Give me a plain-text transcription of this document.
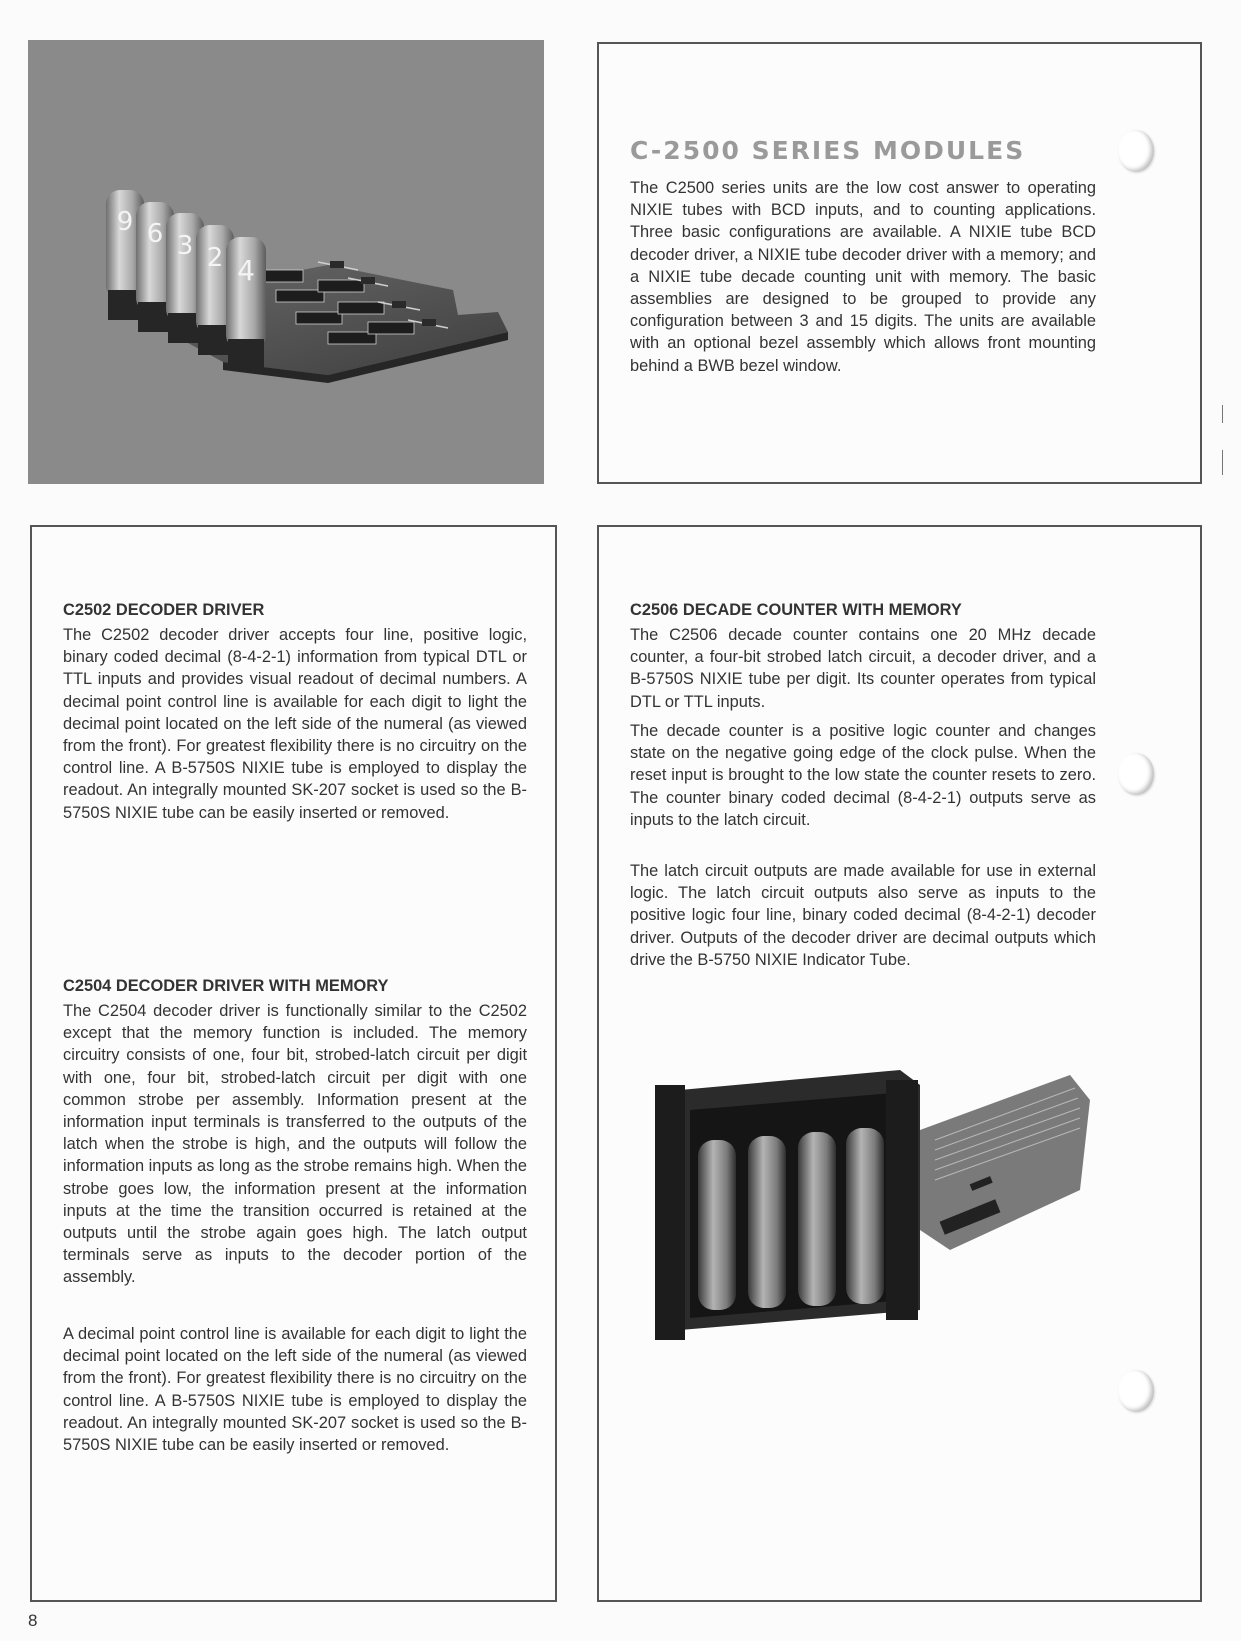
9 6 3 2 4
C-2500 SERIES MODULES

The C2500 series units are the low cost answer to operating NIXIE tubes with BCD inputs, and to counting applications. Three basic configurations are available. A NIXIE tube BCD decoder driver, a NIXIE tube decoder driver with a memory; and a NIXIE tube decade counting unit with memory. The basic assemblies are designed to be grouped to provide any configuration between 3 and 15 digits. The units are available with an optional bezel assembly which allows front mounting behind a BWB bezel window.

C2502 DECODER DRIVER

The C2502 decoder driver accepts four line, positive logic, binary coded decimal (8-4-2-1) information from typical DTL or TTL inputs and provides visual readout of decimal numbers. A decimal point control line is available for each digit to light the decimal point located on the left side of the numeral (as viewed from the front). For greatest flexibility there is no circuitry on the control line. A B-5750S NIXIE tube is employed to display the readout. An integrally mounted SK-207 socket is used so the B-5750S NIXIE tube can be easily inserted or removed.

C2504 DECODER DRIVER WITH MEMORY

The C2504 decoder driver is functionally similar to the C2502 except that the memory function is included. The memory circuitry consists of one, four bit, strobed-latch circuit per digit with one, four bit, strobed-latch circuit per digit with one common strobe per assembly. Information present at the information input terminals is transferred to the outputs of the latch when the strobe is high, and the outputs will follow the information inputs as long as the strobe remains high. When the strobe goes low, the information present at the information inputs at the time the transition occurred is retained at the outputs until the strobe again goes high. The latch output terminals serve as inputs to the decoder portion of the assembly.

A decimal point control line is available for each digit to light the decimal point located on the left side of the numeral (as viewed from the front). For greatest flexibility there is no circuitry on the control line. A B-5750S NIXIE tube is employed to display the readout. An integrally mounted SK-207 socket is used so the B-5750S NIXIE tube can be easily inserted or removed.

C2506 DECADE COUNTER WITH MEMORY

The C2506 decade counter contains one 20 MHz decade counter, a four-bit strobed latch circuit, a decoder driver, and a B-5750S NIXIE tube per digit. Its counter operates from typical DTL or TTL inputs.

The decade counter is a positive logic counter and changes state on the negative going edge of the clock pulse. When the reset input is brought to the low state the counter resets to zero. The counter binary coded decimal (8-4-2-1) outputs serve as inputs to the latch circuit.

The latch circuit outputs are made available for use in external logic. The latch circuit outputs also serve as inputs to the positive logic four line, binary coded decimal (8-4-2-1) decoder driver. Outputs of the decoder driver are decimal outputs which drive the B-5750 NIXIE Indicator Tube.

8
